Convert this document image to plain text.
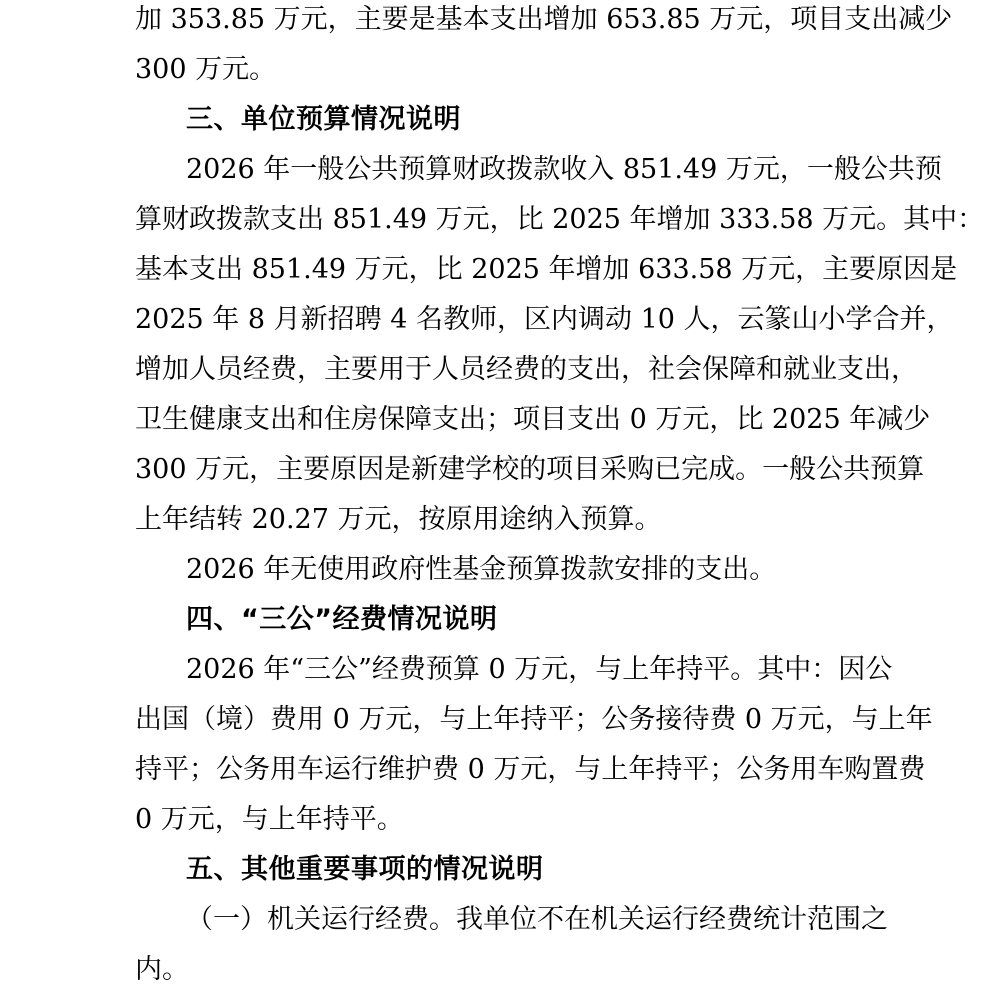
加 353.85 万元，主要是基本支出增加 653.85 万元，项目支出减少
300 万元。
三、单位预算情况说明
2026 年一般公共预算财政拨款收入 851.49 万元，一般公共预
算财政拨款支出 851.49 万元，比 2025 年增加 333.58 万元。其中：
基本支出 851.49 万元，比 2025 年增加 633.58 万元，主要原因是
2025 年 8 月新招聘 4 名教师，区内调动 10 人，云篆山小学合并，
增加人员经费，主要用于人员经费的支出，社会保障和就业支出，
卫生健康支出和住房保障支出；项目支出 0 万元，比 2025 年减少
300 万元，主要原因是新建学校的项目采购已完成。一般公共预算
上年结转 20.27 万元，按原用途纳入预算。
2026 年无使用政府性基金预算拨款安排的支出。
四、“三公”经费情况说明
2026 年“三公”经费预算 0 万元，与上年持平。其中：因公
出国（境）费用 0 万元，与上年持平；公务接待费 0 万元，与上年
持平；公务用车运行维护费 0 万元，与上年持平；公务用车购置费
0 万元，与上年持平。
五、其他重要事项的情况说明
（一）机关运行经费。我单位不在机关运行经费统计范围之
内。
